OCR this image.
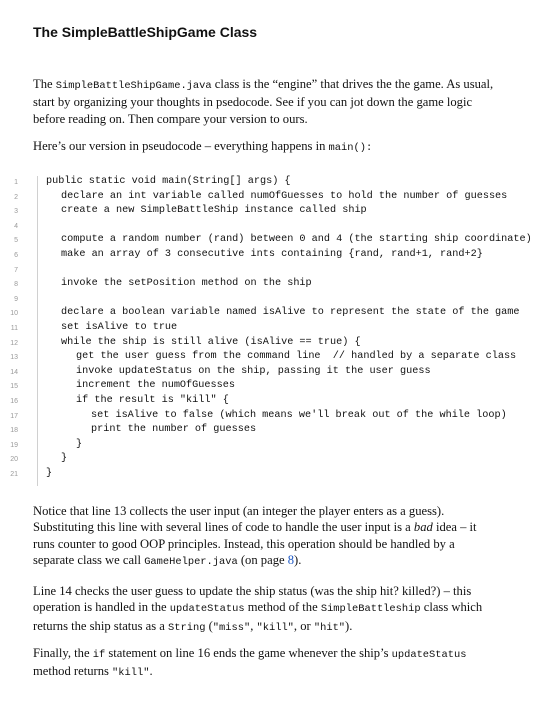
The SimpleBattleShipGame Class
The SimpleBattleShipGame.java class is the “engine” that drives the the game. As usual, start by organizing your thoughts in psedocode. See if you can jot down the game logic before reading on. Then compare your version to ours.
Here’s our version in pseudocode – everything happens in main():
1	public static void main(String[] args) {
2	declare an int variable called numOfGuesses to hold the number of guesses
3	create a new SimpleBattleShip instance called ship
4
5	compute a random number (rand) between 0 and 4 (the starting ship coordinate)
6	make an array of 3 consecutive ints containing {rand, rand+1, rand+2}
7
8	invoke the setPosition method on the ship
9
10	declare a boolean variable named isAlive to represent the state of the game
11	set isAlive to true
12	while the ship is still alive (isAlive == true) {
13	get the user guess from the command line  // handled by a separate class
14	invoke updateStatus on the ship, passing it the user guess
15	increment the numOfGuesses
16	if the result is "kill" {
17	set isAlive to false (which means we'll break out of the while loop)
18	print the number of guesses
19	}
20	}
21	}
Notice that line 13 collects the user input (an integer the player enters as a guess). Substituting this line with several lines of code to handle the user input is a bad idea – it runs counter to good OOP principles. Instead, this operation should be handled by a separate class we call GameHelper.java (on page 8).
Line 14 checks the user guess to update the ship status (was the ship hit? killed?) – this operation is handled in the updateStatus method of the SimpleBattleship class which returns the ship status as a String ("miss", "kill", or "hit").
Finally, the if statement on line 16 ends the game whenever the ship’s updateStatus method returns "kill".
